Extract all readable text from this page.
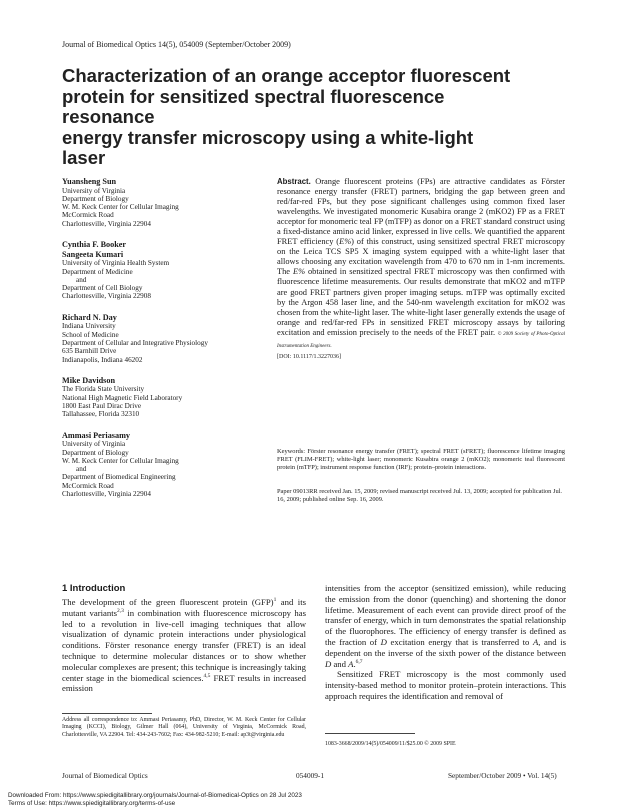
Journal of Biomedical Optics 14(5), 054009 (September/October 2009)
Characterization of an orange acceptor fluorescent
protein for sensitized spectral fluorescence resonance
energy transfer microscopy using a white-light
laser
Yuansheng Sun
University of Virginia
Department of Biology
W. M. Keck Center for Cellular Imaging
McCormick Road
Charlottesville, Virginia 22904
Cynthia F. Booker
Sangeeta Kumari
University of Virginia Health System
Department of Medicine
and
Department of Cell Biology
Charlottesville, Virginia 22908
Richard N. Day
Indiana University
School of Medicine
Department of Cellular and Integrative Physiology
635 Barnhill Drive
Indianapolis, Indiana 46202
Mike Davidson
The Florida State University
National High Magnetic Field Laboratory
1800 East Paul Dirac Drive
Tallahassee, Florida 32310
Ammasi Periasamy
University of Virginia
Department of Biology
W. M. Keck Center for Cellular Imaging
and
Department of Biomedical Engineering
McCormick Road
Charlottesville, Virginia 22904
Abstract. Orange fluorescent proteins (FPs) are attractive candidates as Förster resonance energy transfer (FRET) partners, bridging the gap between green and red/far-red FPs, but they pose significant challenges using common fixed laser wavelengths. We investigated monomeric Kusabira orange 2 (mKO2) FP as a FRET acceptor for monomeric teal FP (mTFP) as donor on a FRET standard construct using a fixed-distance amino acid linker, expressed in live cells. We quantified the apparent FRET efficiency (E%) of this construct, using sensitized spectral FRET microscopy on the Leica TCS SP5 X imaging system equipped with a white-light laser that allows choosing any excitation wavelength from 470 to 670 nm in 1-nm increments. The E% obtained in sensitized spectral FRET microscopy was then confirmed with fluorescence lifetime measurements. Our results demonstrate that mKO2 and mTFP are good FRET partners given proper imaging setups. mTFP was optimally excited by the Argon 458 laser line, and the 540-nm wavelength excitation for mKO2 was chosen from the white-light laser. The white-light laser generally extends the usage of orange and red/far-red FPs in sensitized FRET microscopy assays by tailoring excitation and emission precisely to the needs of the FRET pair. © 2009 Society of Photo-Optical Instrumentation Engineers.
[DOI: 10.1117/1.3227036]
Keywords: Förster resonance energy transfer (FRET); spectral FRET (sFRET); fluorescence lifetime imaging FRET (FLIM-FRET); white-light laser; monomeric Kusabira orange 2 (mKO2); monomeric teal fluorescent protein (mTFP); instrument response function (IRF); protein–protein interactions.
Paper 09013RR received Jan. 15, 2009; revised manuscript received Jul. 13, 2009; accepted for publication Jul. 16, 2009; published online Sep. 16, 2009.
1 Introduction

The development of the green fluorescent protein (GFP)$^1$ and its mutant variants$^{2,3}$ in combination with fluorescence microscopy has led to a revolution in live-cell imaging techniques that allow visualization of dynamic protein interactions under physiological conditions. Förster resonance energy transfer (FRET) is an ideal technique to determine molecular distances or to show whether molecular complexes are present; this technique is increasingly taking center stage in the biomedical sciences.$^{4,5}$ FRET results in increased emission

intensities from the acceptor (sensitized emission), while reducing the emission from the donor (quenching) and shortening the donor lifetime. Measurement of each event can provide direct proof of the transfer of energy, which in turn demonstrates the spatial relationship of the fluorophores. The efficiency of energy transfer is defined as the fraction of D excitation energy that is transferred to A, and is dependent on the inverse of the sixth power of the distance between D and A.$^{6,7}$

Sensitized FRET microscopy is the most commonly used intensity-based method to monitor protein–protein interactions. This approach requires the identification and removal of

Address all correspondence to: Ammasi Periasamy, PhD, Director, W. M. Keck Center for Cellular Imaging (KCCI), Biology, Gilmer Hall (064), University of Virginia, McCormick Road, Charlottesville, VA 22904. Tel: 434-243-7602; Fax: 434-982-5210; E-mail: ap3t@virginia.edu
1083-3668/2009/14(5)/054009/11/$25.00 © 2009 SPIE
Journal of Biomedical Optics	054009-1	September/October 2009 • Vol. 14(5)
Downloaded From: https://www.spiedigitallibrary.org/journals/Journal-of-Biomedical-Optics on 28 Jul 2023
Terms of Use: https://www.spiedigitallibrary.org/terms-of-use
